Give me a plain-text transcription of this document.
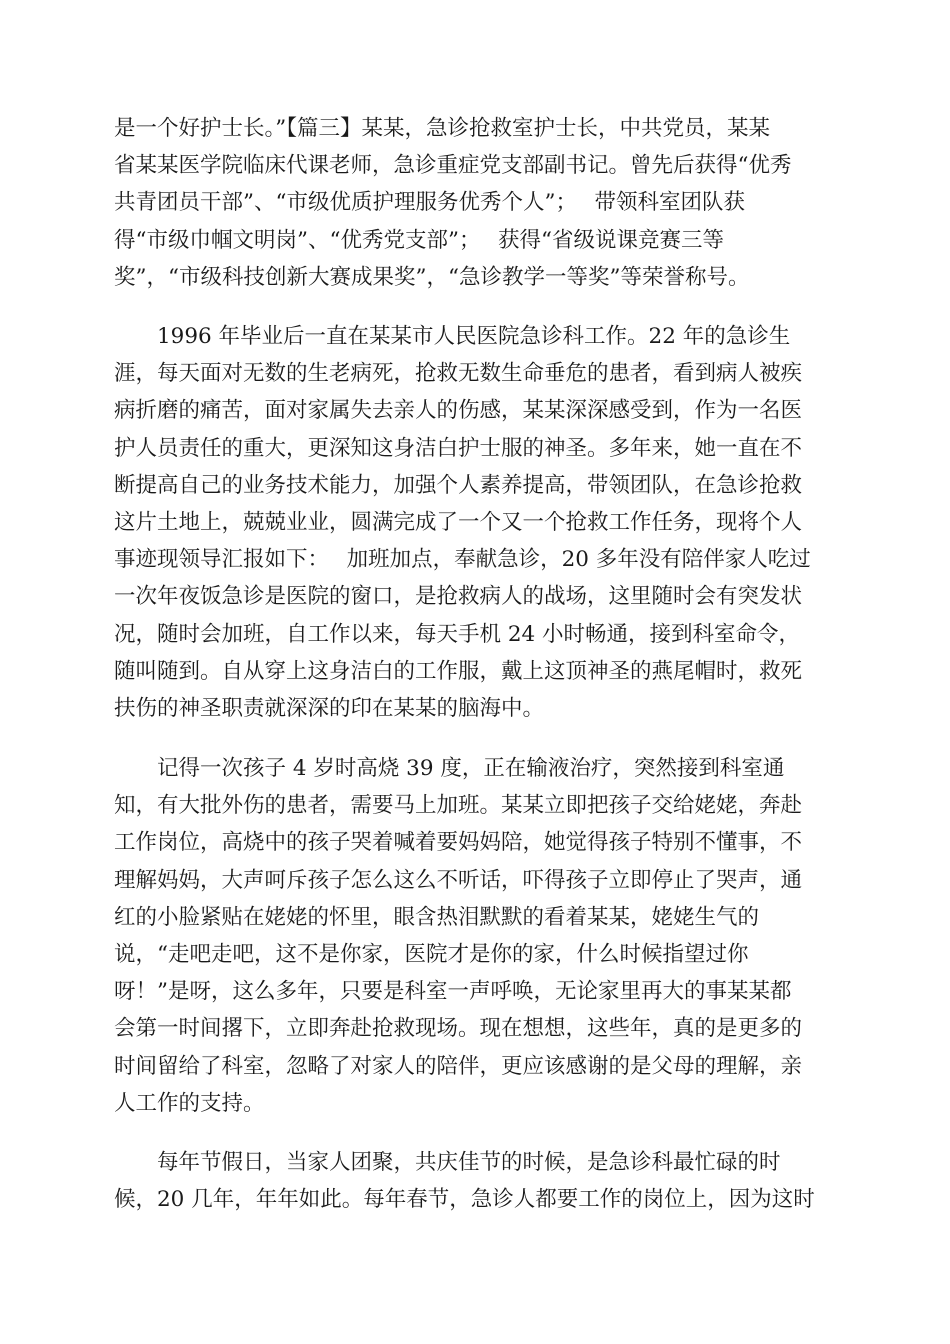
是一个好护士长。”【篇三】某某，急诊抢救室护士长，中共党员，某某
省某某医学院临床代课老师，急诊重症党支部副书记。曾先后获得“优秀
共青团员干部”、“市级优质护理服务优秀个人”；　 带领科室团队获
得“市级巾帼文明岗”、“优秀党支部”；　 获得“省级说课竞赛三等
奖”，“市级科技创新大赛成果奖”，“急诊教学一等奖”等荣誉称号。
1996 年毕业后一直在某某市人民医院急诊科工作。22 年的急诊生
涯，每天面对无数的生老病死，抢救无数生命垂危的患者，看到病人被疾
病折磨的痛苦，面对家属失去亲人的伤感，某某深深感受到，作为一名医
护人员责任的重大，更深知这身洁白护士服的神圣。多年来，她一直在不
断提高自己的业务技术能力，加强个人素养提高，带领团队，在急诊抢救
这片土地上，兢兢业业，圆满完成了一个又一个抢救工作任务，现将个人
事迹现领导汇报如下：　 加班加点，奉献急诊，20 多年没有陪伴家人吃过
一次年夜饭急诊是医院的窗口，是抢救病人的战场，这里随时会有突发状
况，随时会加班，自工作以来，每天手机 24 小时畅通，接到科室命令，
随叫随到。自从穿上这身洁白的工作服，戴上这顶神圣的燕尾帽时，救死
扶伤的神圣职责就深深的印在某某的脑海中。
记得一次孩子 4 岁时高烧 39 度，正在输液治疗，突然接到科室通
知，有大批外伤的患者，需要马上加班。某某立即把孩子交给姥姥，奔赴
工作岗位，高烧中的孩子哭着喊着要妈妈陪，她觉得孩子特别不懂事，不
理解妈妈，大声呵斥孩子怎么这么不听话，吓得孩子立即停止了哭声，通
红的小脸紧贴在姥姥的怀里，眼含热泪默默的看着某某，姥姥生气的
说，“走吧走吧，这不是你家，医院才是你的家，什么时候指望过你
呀！”是呀，这么多年，只要是科室一声呼唤，无论家里再大的事某某都
会第一时间撂下，立即奔赴抢救现场。现在想想，这些年，真的是更多的
时间留给了科室，忽略了对家人的陪伴，更应该感谢的是父母的理解，亲
人工作的支持。
每年节假日，当家人团聚，共庆佳节的时候，是急诊科最忙碌的时
候，20 几年，年年如此。每年春节，急诊人都要工作的岗位上，因为这时
